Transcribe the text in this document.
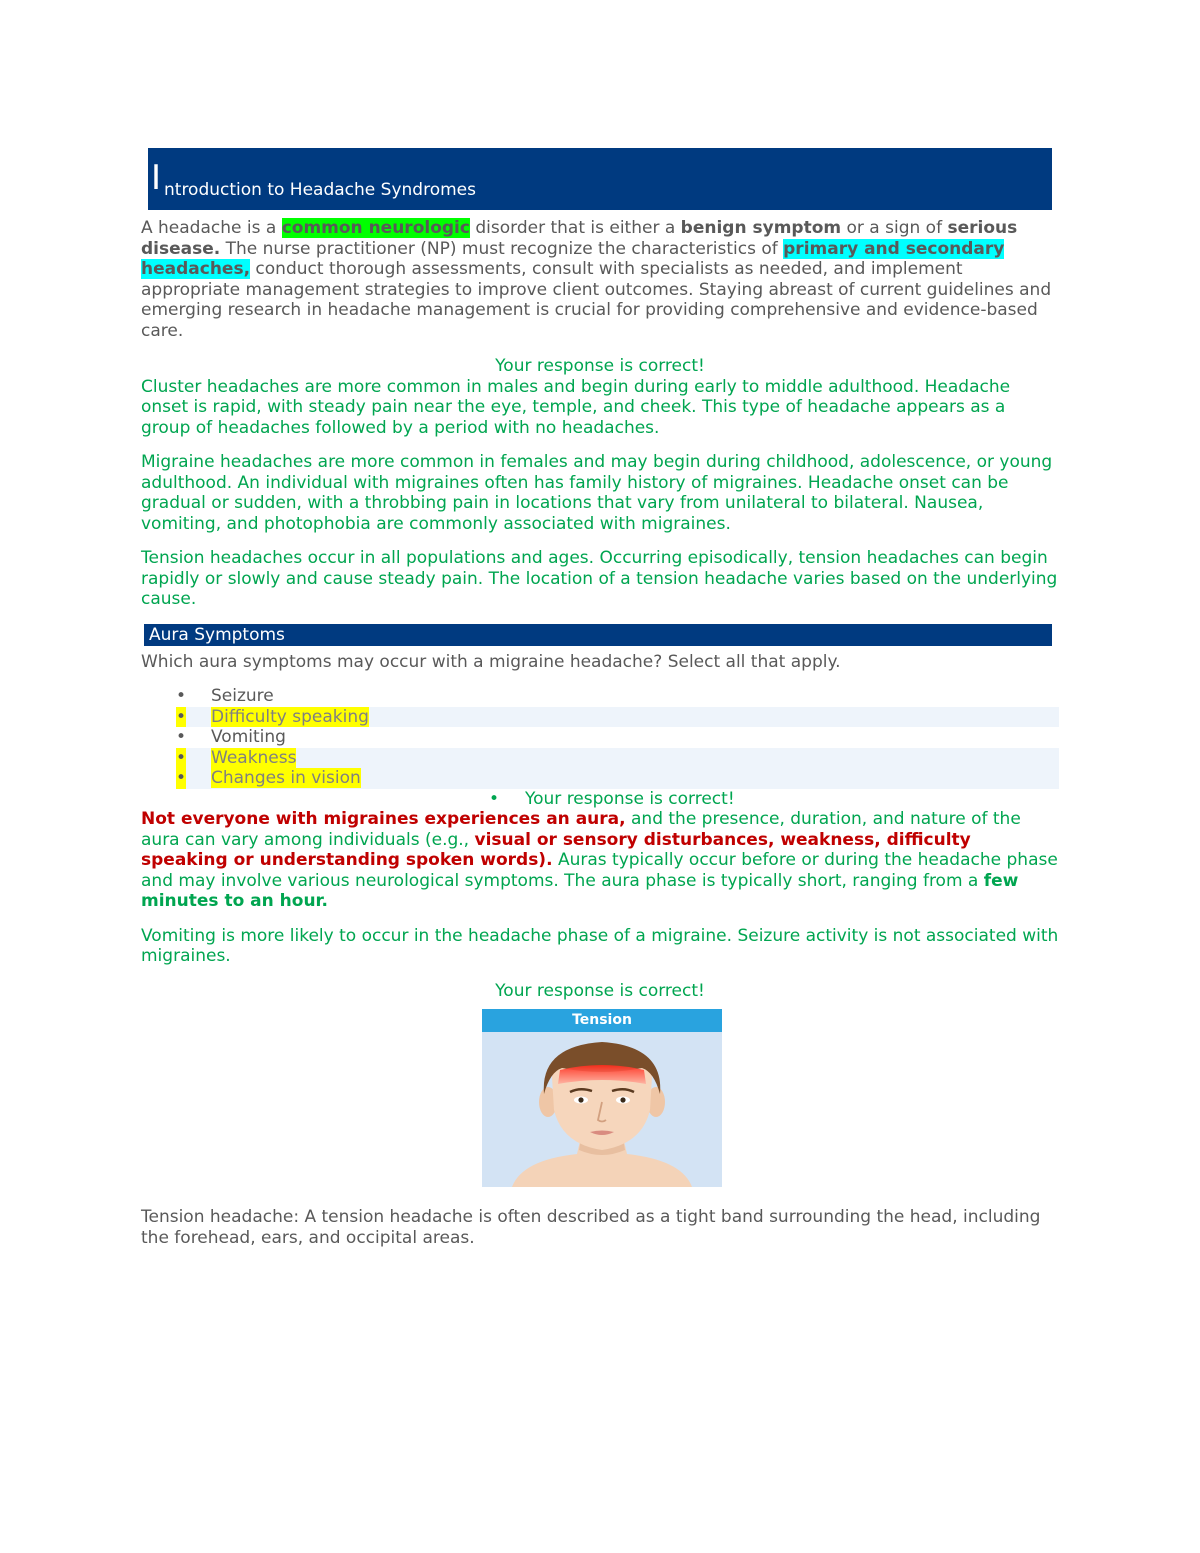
I ntroduction to Headache Syndromes

A headache is a common neurologic disorder that is either a benign symptom or a sign of serious disease. The nurse practitioner (NP) must recognize the characteristics of primary and secondary headaches, conduct thorough assessments, consult with specialists as needed, and implement appropriate management strategies to improve client outcomes. Staying abreast of current guidelines and emerging research in headache management is crucial for providing comprehensive and evidence-based care.

Your response is correct!

Cluster headaches are more common in males and begin during early to middle adulthood. Headache onset is rapid, with steady pain near the eye, temple, and cheek. This type of headache appears as a group of headaches followed by a period with no headaches.

Migraine headaches are more common in females and may begin during childhood, adolescence, or young adulthood. An individual with migraines often has family history of migraines. Headache onset can be gradual or sudden, with a throbbing pain in locations that vary from unilateral to bilateral. Nausea, vomiting, and photophobia are commonly associated with migraines.

Tension headaches occur in all populations and ages. Occurring episodically, tension headaches can begin rapidly or slowly and cause steady pain. The location of a tension headache varies based on the underlying cause.

Aura Symptoms

Which aura symptoms may occur with a migraine headache? Select all that apply.

• Seizure
• Difficulty speaking
• Vomiting
• Weakness
• Changes in vision
• Your response is correct!

Not everyone with migraines experiences an aura, and the presence, duration, and nature of the aura can vary among individuals (e.g., visual or sensory disturbances, weakness, difficulty speaking or understanding spoken words). Auras typically occur before or during the headache phase and may involve various neurological symptoms. The aura phase is typically short, ranging from a few minutes to an hour.

Vomiting is more likely to occur in the headache phase of a migraine. Seizure activity is not associated with migraines.

Your response is correct!

Tension

Tension headache: A tension headache is often described as a tight band surrounding the head, including the forehead, ears, and occipital areas.
